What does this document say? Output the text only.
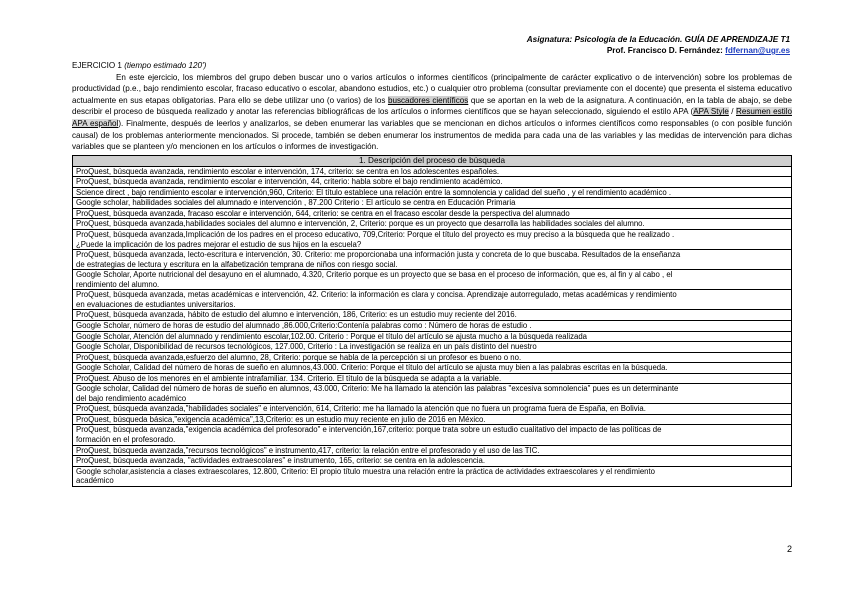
Asignatura: Psicología de la Educación. GUÍA DE APRENDIZAJE T1
Prof. Francisco D. Fernández: fdfernan@ugr.es
EJERCICIO 1 (tiempo estimado 120')

En este ejercicio, los miembros del grupo deben buscar uno o varios artículos o informes científicos (principalmente de carácter explicativo o de intervención) sobre los problemas de productividad (p.e., bajo rendimiento escolar, fracaso educativo o escolar, abandono estudios, etc.) o cualquier otro problema (consultar previamente con el docente) que presenta el sistema educativo actualmente en sus etapas obligatorias. Para ello se debe utilizar uno (o varios) de los buscadores científicos que se aportan en la web de la asignatura. A continuación, en la tabla de abajo, se debe describir el proceso de búsqueda realizado y anotar las referencias bibliográficas de los artículos o informes científicos que se hayan seleccionado, siguiendo el estilo APA (APA Style / Resumen estilo APA español). Finalmente, después de leerlos y analizarlos, se deben enumerar las variables que se mencionan en dichos artículos o informes científicos como responsables (o con posible función causal) de los problemas anteriormente mencionados. Si procede, también se deben enumerar los instrumentos de medida para cada una de las variables y las medidas de intervención para dichas variables que se planteen y/o mencionen en los artículos o informes de investigación.

1. Descripción del proceso de búsqueda

ProQuest, búsqueda avanzada, rendimiento escolar e intervención, 174, criterio: se centra en los adolescentes españoles.

ProQuest, búsqueda avanzada, rendimiento escolar e intervención, 44, criterio: habla sobre el bajo rendimiento académico.

Science direct , bajo rendimiento escolar e intervención,960, Criterio: El título establece una relación entre la somnolencia y calidad del sueño , y el rendimiento académico .

Google scholar, habilidades sociales del alumnado e intervención , 87.200 Criterio : El artículo se centra en Educación Primaria

ProQuest, búsqueda avanzada, fracaso escolar e intervención, 644, criterio: se centra en el fracaso escolar desde la perspectiva del alumnado

ProQuest, búsqueda avanzada,habilidades sociales del alumno e intervención, 2, Criterio: porque es un proyecto que desarrolla las habilidades sociales del alumno.

ProQuest, búsqueda avanzada,Implicación de los padres en el proceso educativo, 709,Criterio: Porque el título del proyecto es muy preciso a la búsqueda que he realizado .
¿Puede la implicación de los padres mejorar el estudio de sus hijos en la escuela?

ProQuest, búsqueda avanzada, lecto-escritura e intervención, 30. Criterio: me proporcionaba una información justa y concreta de lo que buscaba. Resultados de la enseñanza
de estrategias de lectura y escritura en la alfabetización temprana de niños con riesgo social.

Google Scholar, Aporte nutricional del desayuno en el alumnado, 4.320, Criterio porque es un proyecto que se basa en el proceso de información, que es, al fin y al cabo , el
rendimiento del alumno.

ProQuest, búsqueda avanzada, metas académicas e intervención, 42. Criterio: la información es clara y concisa. Aprendizaje autorregulado, metas académicas y rendimiento
en evaluaciones de estudiantes universitarios.

ProQuest, búsqueda avanzada, hábito de estudio del alumno e intervención, 186, Criterio: es un estudio muy reciente del 2016.

Google Scholar, número de horas de estudio del alumnado ,86.000,Criterio:Contenía palabras como : Número de horas de estudio .

Google Scholar, Atención del alumnado y rendimiento escolar,102.00. Criterio : Porque el título del artículo se ajusta mucho a la búsqueda realizada

Google Scholar, Disponibilidad de recursos tecnológicos, 127.000, Criterio : La investigación se realiza en un país distinto del nuestro

ProQuest, búsqueda avanzada,esfuerzo del alumno, 28, Criterio: porque se habla de la percepción si un profesor es bueno o no.

Google Scholar, Calidad del número de horas de sueño en alumnos,43.000. Criterio: Porque el título del artículo se ajusta muy bien a las palabras escritas en la búsqueda.

ProQuest. Abuso de los menores en el ambiente intrafamiliar. 134. Criterio. El título de la búsqueda se adapta a la variable.

Google scholar, Calidad del número de horas de sueño en alumnos, 43.000, Criterio: Me ha llamado la atención las palabras "excesiva somnolencia" pues es un determinante
del bajo rendimiento académico

ProQuest, búsqueda avanzada,"habilidades sociales" e intervención, 614, Criterio: me ha llamado la atención que no fuera un programa fuera de España, en Bolivia.

ProQuest, búsqueda básica,"exigencia académica",13,Criterio: es un estudio muy reciente en julio de 2016 en México.

ProQuest, búsqueda avanzada,"exigencia académica del profesorado" e intervención,167,criterio: porque trata sobre un estudio cualitativo del impacto de las políticas de
formación en el profesorado.

ProQuest, búsqueda avanzada,"recursos tecnológicos" e instrumento,417, criterio: la relación entre el profesorado y el uso de las TIC.

ProQuest, búsqueda avanzada, "actividades extraescolares" e instrumento, 165, criterio: se centra en la adolescencia.

Google scholar,asistencia a clases extraescolares, 12.800, Criterio: El propio título muestra una relación entre la práctica de actividades extraescolares y el rendimiento
académico
2
